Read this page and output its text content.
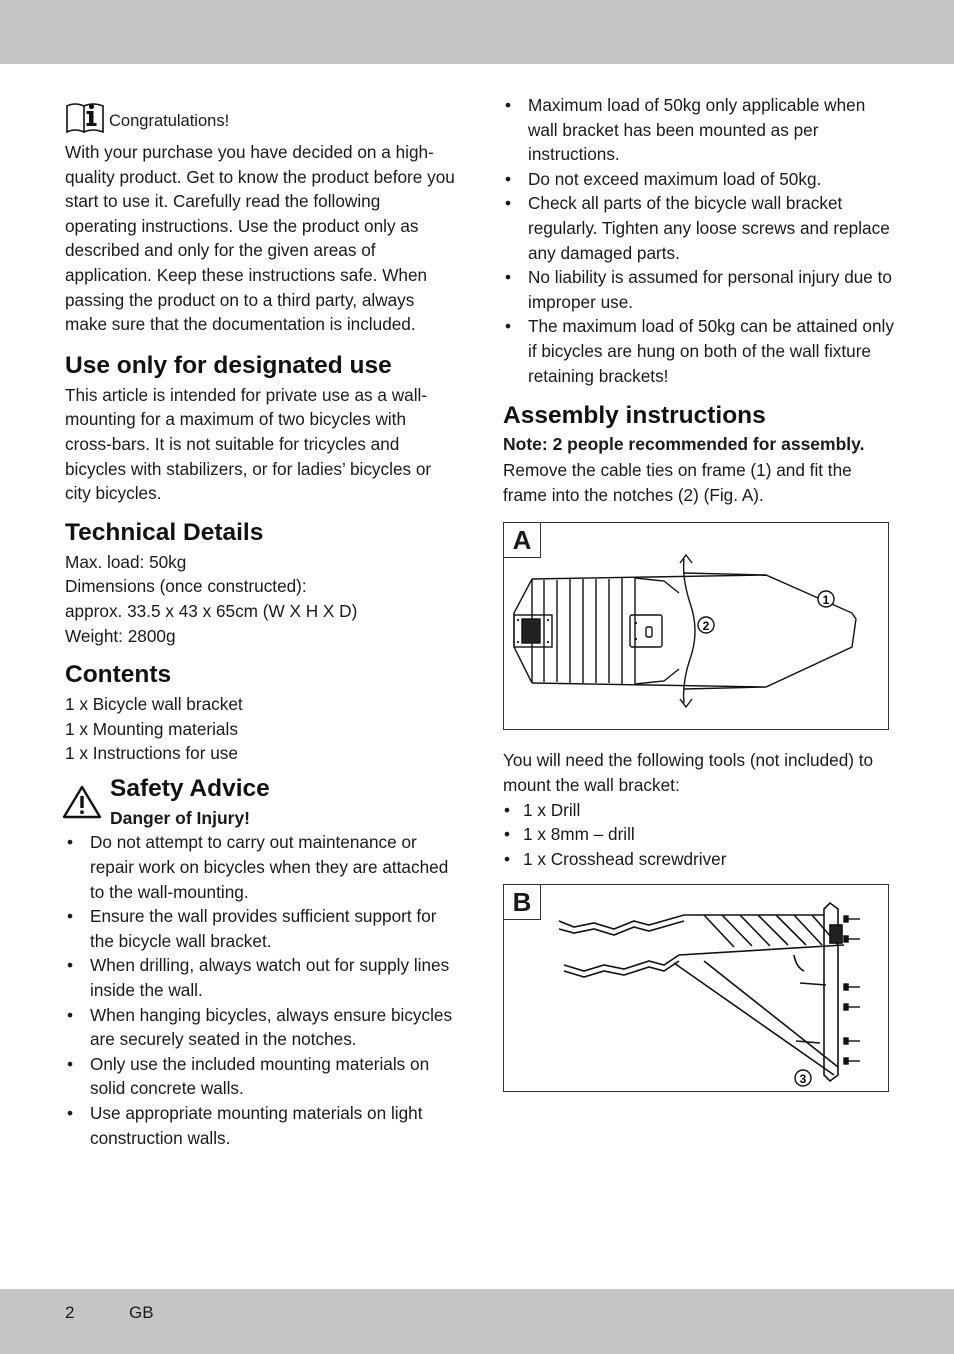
Congratulations!

With your purchase you have decided on a high-quality product. Get to know the product before you start to use it. Carefully read the following operating instructions. Use the product only as described and only for the given areas of application. Keep these instructions safe. When passing the product on to a third party, always make sure that the documentation is included.

Use only for designated use

This article is intended for private use as a wall-mounting for a maximum of two bicycles with cross-bars. It is not suitable for tricycles and bicycles with stabilizers, or for ladies’ bicycles or city bicycles.

Technical Details

Max. load: 50kg

Dimensions (once constructed):

approx. 33.5 x 43 x 65cm (W X H X D)

Weight: 2800g

Contents

1 x Bicycle wall bracket

1 x Mounting materials

1 x Instructions for use

Safety Advice
Danger of Injury!
• Do not attempt to carry out maintenance or repair work on bicycles when they are attached to the wall-mounting.
• Ensure the wall provides sufficient support for the bicycle wall bracket.
• When drilling, always watch out for supply lines inside the wall.
• When hanging bicycles, always ensure bicycles are securely seated in the notches.
• Only use the included mounting materials on solid concrete walls.
• Use appropriate mounting materials on light construction walls.
• Maximum load of 50kg only applicable when wall bracket has been mounted as per instructions.
• Do not exceed maximum load of 50kg.
• Check all parts of the bicycle wall bracket regularly. Tighten any loose screws and replace any damaged parts.
• No liability is assumed for personal injury due to improper use.
• The maximum load of 50kg can be attained only if bicycles are hung on both of the wall fixture retaining brackets!
Assembly instructions
Note: 2 people recommended for assembly.

Remove the cable ties on frame (1) and fit the frame into the notches (2) (Fig. A).

1
2
A

You will need the following tools (not included) to mount the wall bracket:

• 1 x Drill
• 1 x 8mm – drill
• 1 x Crosshead screwdriver
3
B
2	GB
